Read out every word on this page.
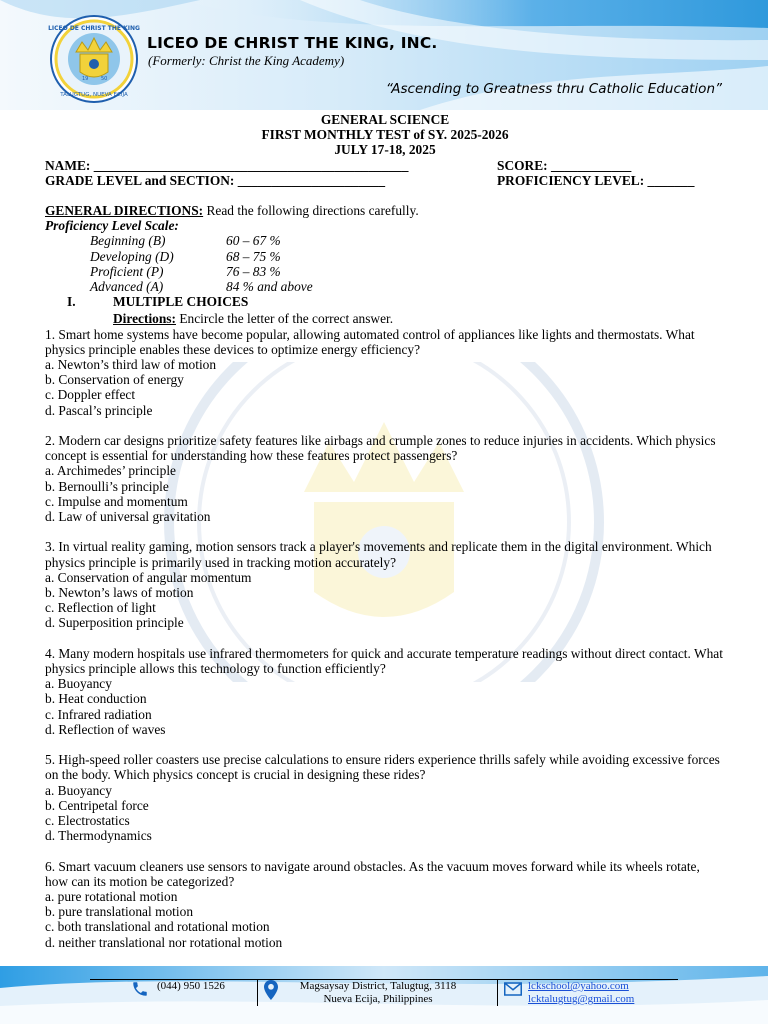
LICEO DE CHRIST THE KING
TALUGTUG, NUEVA ECIJA
19	50
LICEO DE CHRIST THE KING, INC.
(Formerly: Christ the King Academy)
“Ascending to Greatness thru Catholic Education”
GENERAL SCIENCE
FIRST MONTHLY TEST of SY. 2025-2026
JULY 17-18, 2025
NAME: _______________________________________________	SCORE: ____________
GRADE LEVEL and SECTION: ______________________	PROFICIENCY LEVEL: _______
GENERAL DIRECTIONS: Read the following directions carefully.
Proficiency Level Scale:
Beginning (B)	60 – 67 %
Developing (D)	68 – 75 %
Proficient (P)	76 – 83 %
Advanced (A)	84 % and above
I.	MULTIPLE CHOICES
Directions: Encircle the letter of the correct answer.
1. Smart home systems have become popular, allowing automated control of appliances like lights and thermostats. What physics principle enables these devices to optimize energy efficiency?
a. Newton’s third law of motion
b. Conservation of energy
c. Doppler effect
d. Pascal’s principle
2. Modern car designs prioritize safety features like airbags and crumple zones to reduce injuries in accidents. Which physics concept is essential for understanding how these features protect passengers?
a. Archimedes’ principle
b. Bernoulli’s principle
c. Impulse and momentum
d. Law of universal gravitation
3. In virtual reality gaming, motion sensors track a player's movements and replicate them in the digital environment. Which physics principle is primarily used in tracking motion accurately?
a. Conservation of angular momentum
b. Newton’s laws of motion
c. Reflection of light
d. Superposition principle
4. Many modern hospitals use infrared thermometers for quick and accurate temperature readings without direct contact. What physics principle allows this technology to function efficiently?
a. Buoyancy
b. Heat conduction
c. Infrared radiation
d. Reflection of waves
5. High-speed roller coasters use precise calculations to ensure riders experience thrills safely while avoiding excessive forces on the body. Which physics concept is crucial in designing these rides?
a. Buoyancy
b. Centripetal force
c. Electrostatics
d. Thermodynamics
6. Smart vacuum cleaners use sensors to navigate around obstacles. As the vacuum moves forward while its wheels rotate, how can its motion be categorized?
a. pure rotational motion
b. pure translational motion
c. both translational and rotational motion
d. neither translational nor rotational motion
(044) 950 1526	Magsaysay District, Talugtug, 3118
Nueva Ecija, Philippines
lckschool@yahoo.com
lcktalugtug@gmail.com
